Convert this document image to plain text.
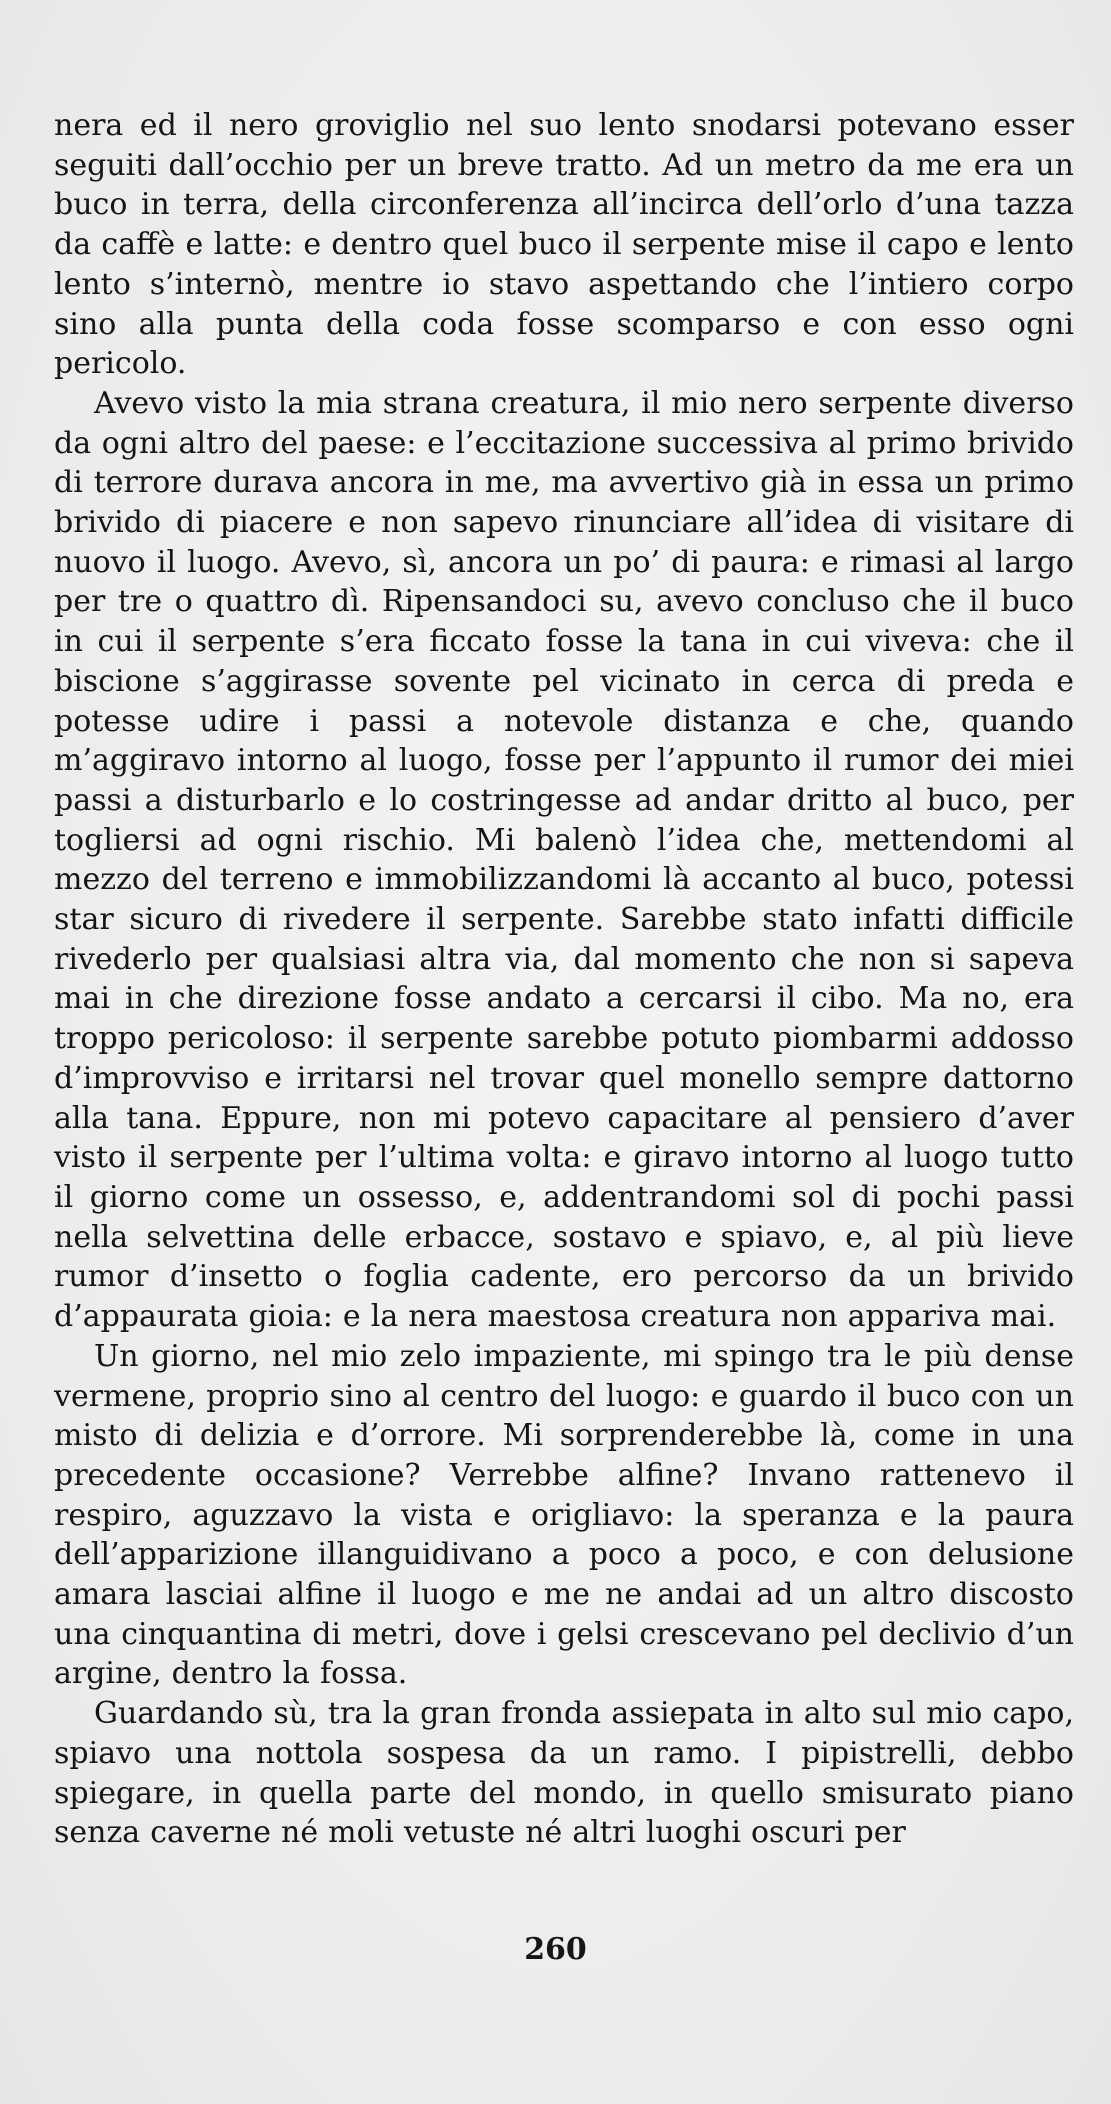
nera ed il nero groviglio nel suo lento snodarsi potevano esser seguiti dall’occhio per un breve tratto. Ad un metro da me era un buco in terra, della circonferenza all’incirca dell’orlo d’una tazza da caffè e latte: e dentro quel buco il serpente mise il capo e lento lento s’internò, mentre io stavo aspettando che l’intiero corpo sino alla punta della coda fosse scomparso e con esso ogni pericolo.

Avevo visto la mia strana creatura, il mio nero serpente diverso da ogni altro del paese: e l’eccitazione successiva al primo brivido di terrore durava ancora in me, ma avvertivo già in essa un primo brivido di piacere e non sapevo rinunciare all’idea di visitare di nuovo il luogo. Avevo, sì, ancora un po’ di paura: e rimasi al largo per tre o quattro dì. Ripensandoci su, avevo concluso che il buco in cui il serpente s’era ficcato fosse la tana in cui viveva: che il biscione s’aggirasse sovente pel vicinato in cerca di preda e potesse udire i passi a notevole distanza e che, quando m’aggiravo intorno al luogo, fosse per l’appunto il rumor dei miei passi a disturbarlo e lo costringesse ad andar dritto al buco, per togliersi ad ogni rischio. Mi balenò l’idea che, mettendomi al mezzo del terreno e immobilizzandomi là accanto al buco, potessi star sicuro di rivedere il serpente. Sarebbe stato infatti difficile rivederlo per qualsiasi altra via, dal momento che non si sapeva mai in che direzione fosse andato a cercarsi il cibo. Ma no, era troppo pericoloso: il serpente sarebbe potuto piombarmi addosso d’improvviso e irritarsi nel trovar quel monello sempre dattorno alla tana. Eppure, non mi potevo capacitare al pensiero d’aver visto il serpente per l’ultima volta: e giravo intorno al luogo tutto il giorno come un ossesso, e, addentrandomi sol di pochi passi nella selvettina delle erbacce, sostavo e spiavo, e, al più lieve rumor d’insetto o foglia cadente, ero percorso da un brivido d’appaurata gioia: e la nera maestosa creatura non appariva mai.

Un giorno, nel mio zelo impaziente, mi spingo tra le più dense vermene, proprio sino al centro del luogo: e guardo il buco con un misto di delizia e d’orrore. Mi sorprenderebbe là, come in una precedente occasione? Verrebbe alfine? Invano rattenevo il respiro, aguzzavo la vista e origliavo: la speranza e la paura dell’apparizione illanguidivano a poco a poco, e con delusione amara lasciai alfine il luogo e me ne andai ad un altro discosto una cinquantina di metri, dove i gelsi crescevano pel declivio d’un argine, dentro la fossa.

Guardando sù, tra la gran fronda assiepata in alto sul mio capo, spiavo una nottola sospesa da un ramo. I pipistrelli, debbo spiegare, in quella parte del mondo, in quello smisurato piano senza caverne né moli vetuste né altri luoghi oscuri per

260
